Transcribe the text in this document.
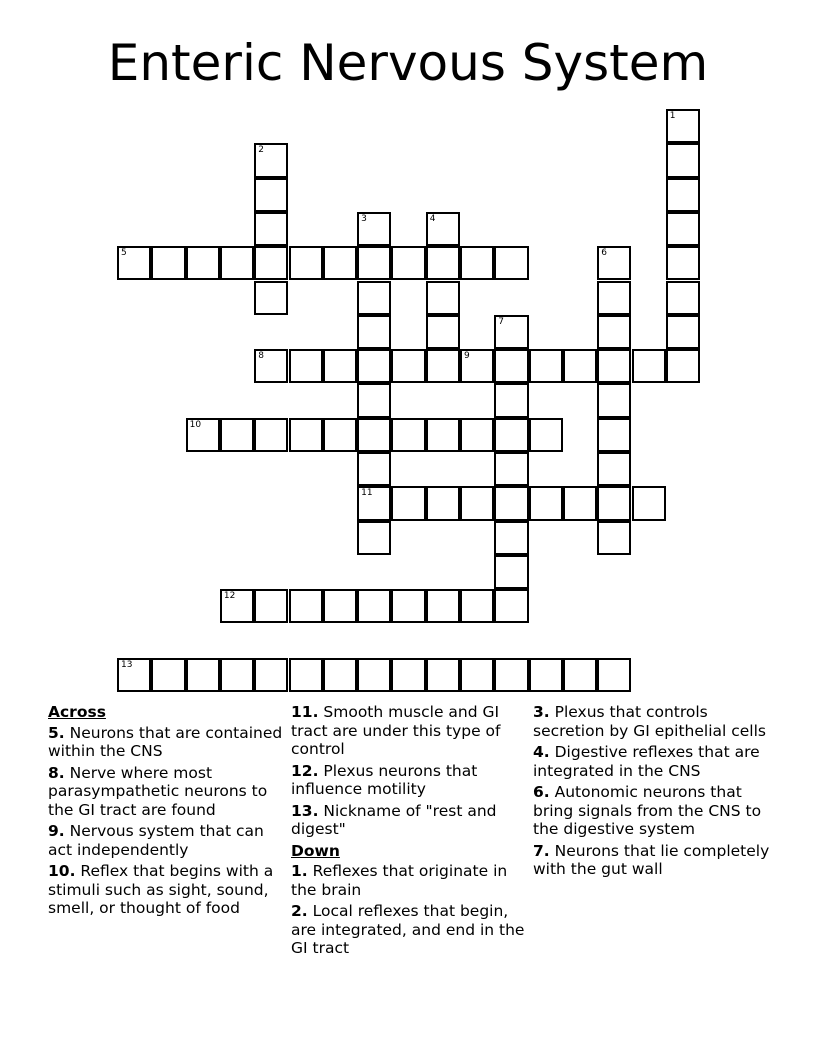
Enteric Nervous System
1
2
3
11
4
5	6
7
8	9
10
12
13
Across
5. Neurons that are contained within the CNS
8. Nerve where most parasympathetic neurons to the GI tract are found
9. Nervous system that can act independently
10. Reflex that begins with a stimuli such as sight, sound, smell, or thought of food
11. Smooth muscle and GI tract are under this type of control
12. Plexus neurons that influence motility
13. Nickname of "rest and digest"
Down
1. Reflexes that originate in the brain
2. Local reflexes that begin, are integrated, and end in the GI tract
3. Plexus that controls secretion by GI epithelial cells
4. Digestive reflexes that are integrated in the CNS
6. Autonomic neurons that bring signals from the CNS to the digestive system
7. Neurons that lie completely with the gut wall
